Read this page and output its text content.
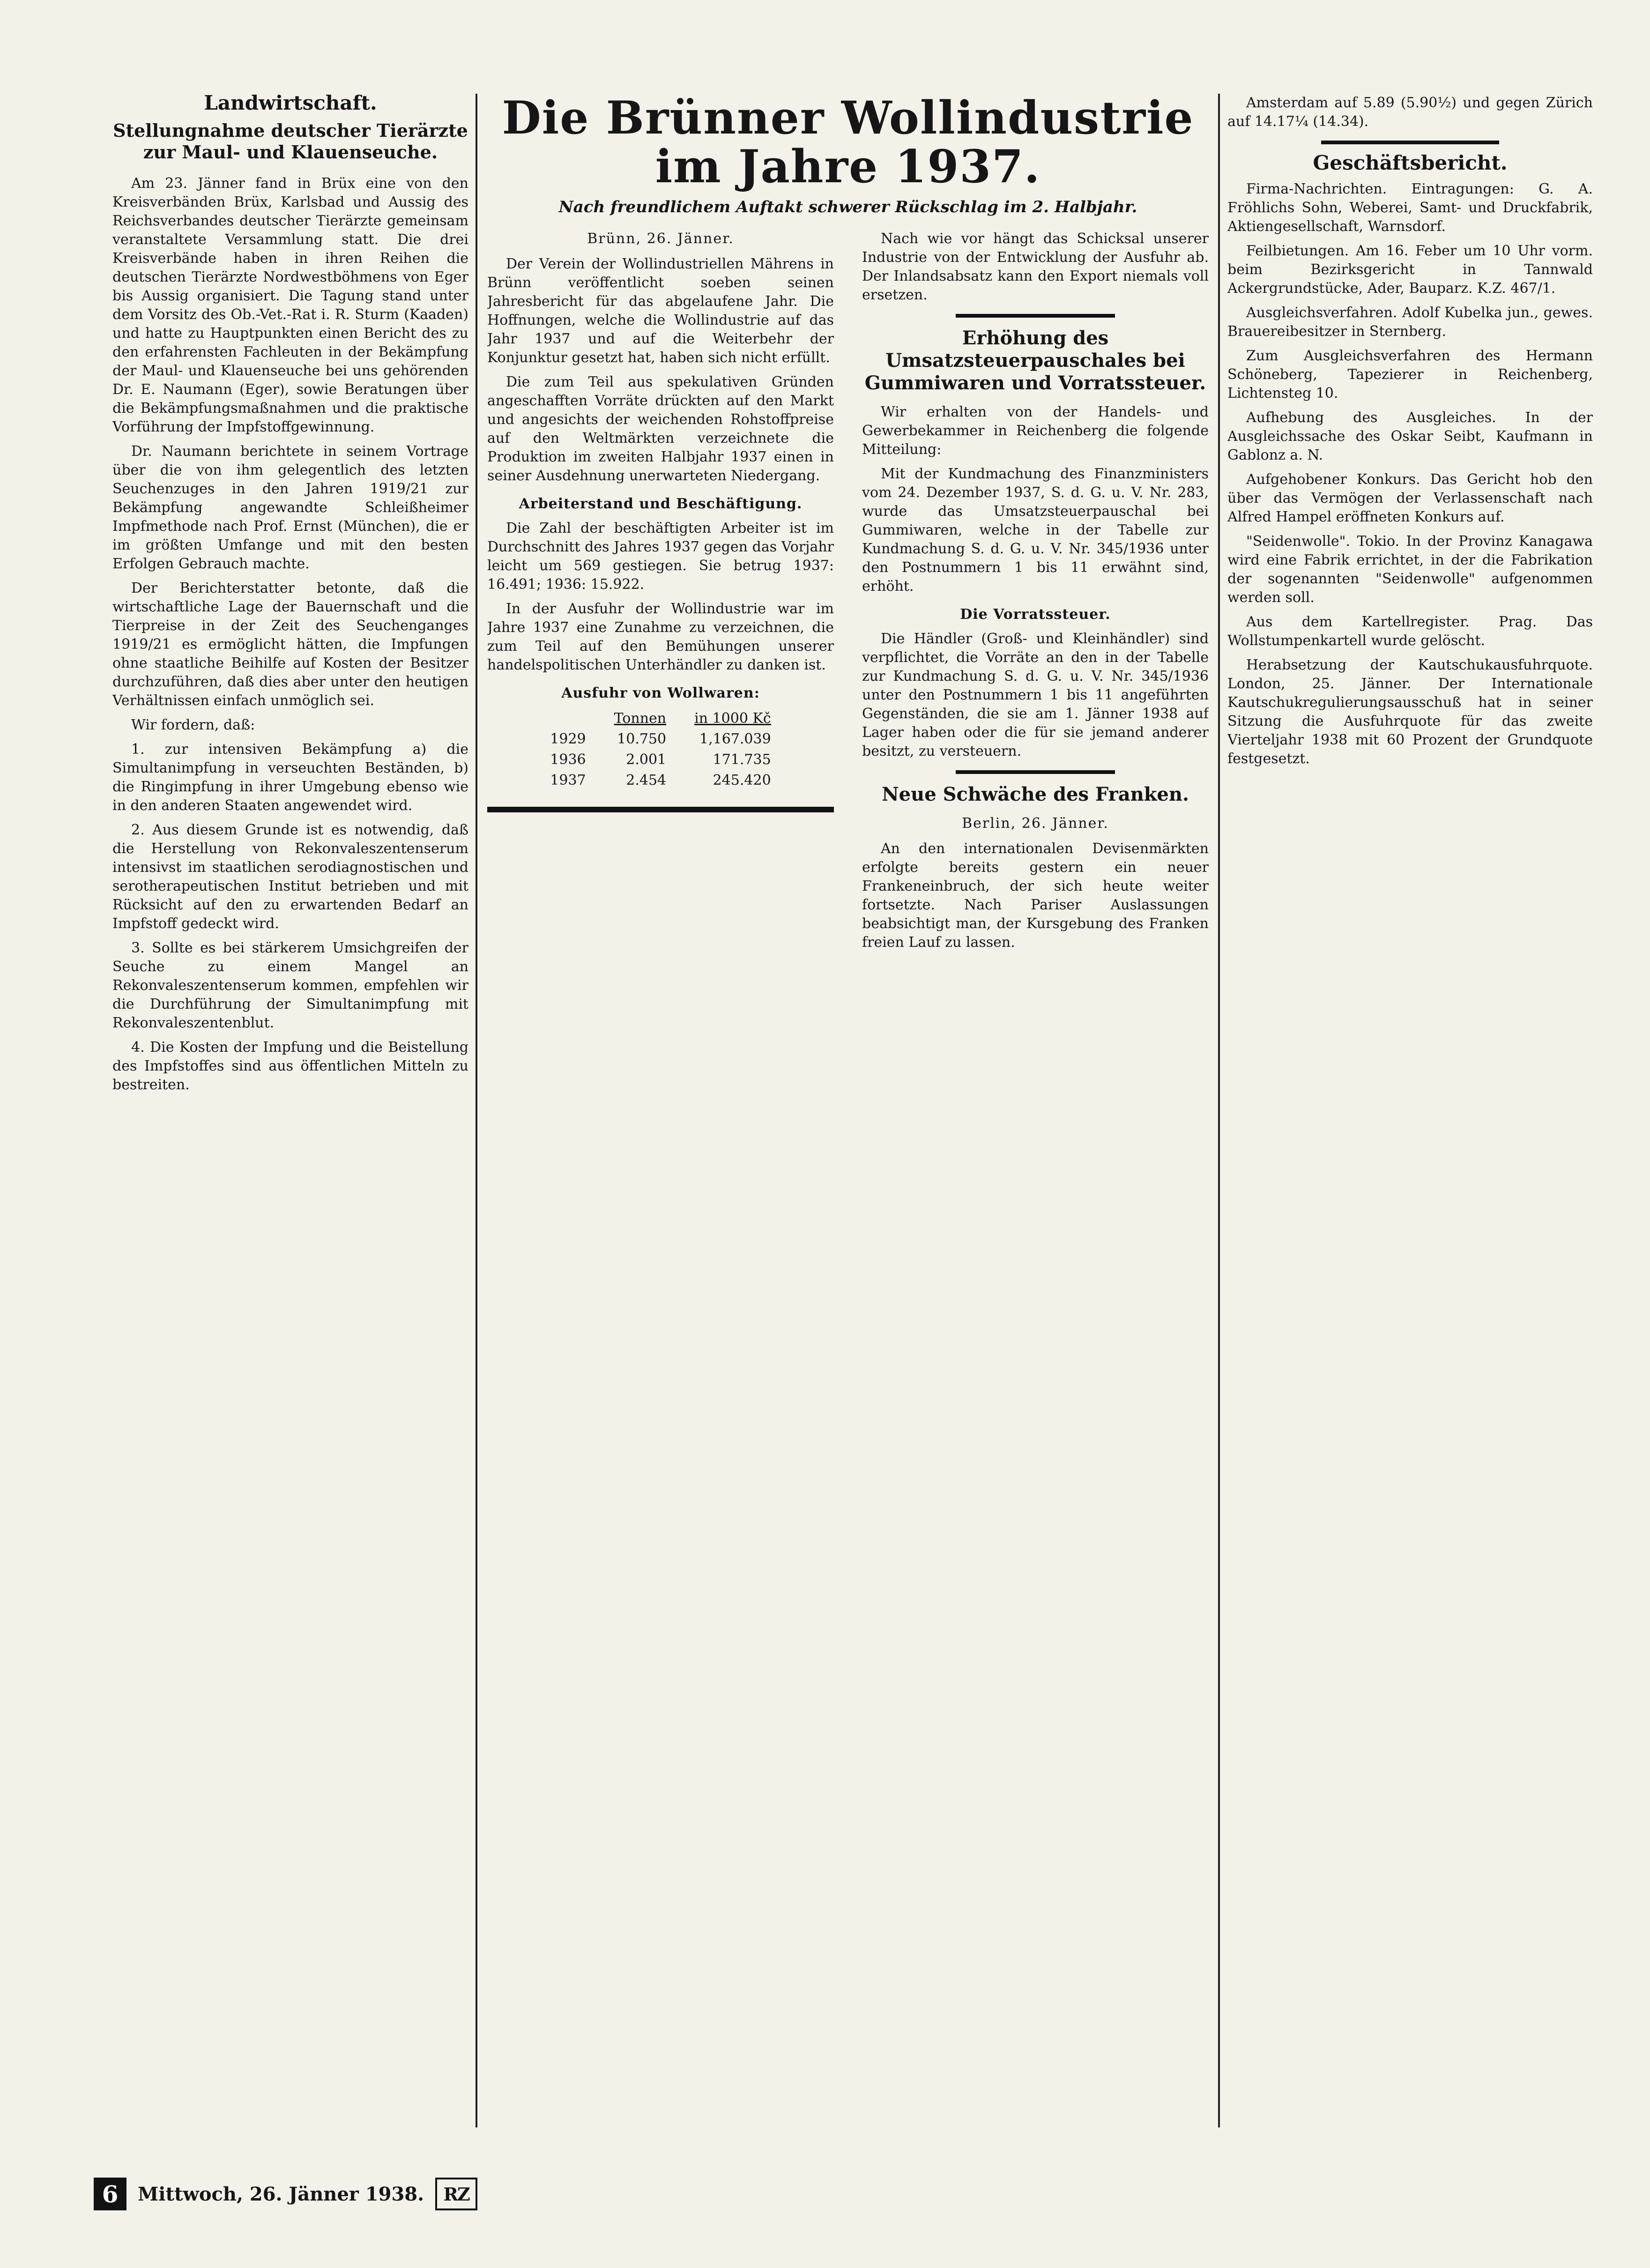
Landwirtschaft.
Stellungnahme deutscher Tierärzte zur Maul- und Klauenseuche.

Am 23. Jänner fand in Brüx eine von den Kreisverbänden Brüx, Karlsbad und Aussig des Reichsverbandes deutscher Tierärzte gemeinsam veranstaltete Versammlung statt. Die drei Kreisverbände haben in ihren Reihen die deutschen Tierärzte Nordwestböhmens von Eger bis Aussig organisiert. Die Tagung stand unter dem Vorsitz des Ob.-Vet.-Rat i. R. Sturm (Kaaden) und hatte zu Hauptpunkten einen Bericht des zu den erfahrensten Fachleuten in der Bekämpfung der Maul- und Klauenseuche bei uns gehörenden Dr. E. Naumann (Eger), sowie Beratungen über die Bekämpfungsmaßnahmen und die praktische Vorführung der Impfstoffgewinnung.

Dr. Naumann berichtete in seinem Vortrage über die von ihm gelegentlich des letzten Seuchenzuges in den Jahren 1919/21 zur Bekämpfung angewandte Schleißheimer Impfmethode nach Prof. Ernst (München), die er im größten Umfange und mit den besten Erfolgen Gebrauch machte.

Der Berichterstatter betonte, daß die wirtschaftliche Lage der Bauernschaft und die Tierpreise in der Zeit des Seuchenganges 1919/21 es ermöglicht hätten, die Impfungen ohne staatliche Beihilfe auf Kosten der Besitzer durchzuführen, daß dies aber unter den heutigen Verhältnissen einfach unmöglich sei.

Wir fordern, daß:

1. zur intensiven Bekämpfung a) die Simultanimpfung in verseuchten Beständen, b) die Ringimpfung in ihrer Umgebung ebenso wie in den anderen Staaten angewendet wird.

2. Aus diesem Grunde ist es notwendig, daß die Herstellung von Rekonvaleszentenserum intensivst im staatlichen serodiagnostischen und serotherapeutischen Institut betrieben und mit Rücksicht auf den zu erwartenden Bedarf an Impfstoff gedeckt wird.

3. Sollte es bei stärkerem Umsichgreifen der Seuche zu einem Mangel an Rekonvaleszentenserum kommen, empfehlen wir die Durchführung der Simultanimpfung mit Rekonvaleszentenblut.

4. Die Kosten der Impfung und die Beistellung des Impfstoffes sind aus öffentlichen Mitteln zu bestreiten.

Die Brünner Wollindustrie im Jahre 1937.
Nach freundlichem Auftakt schwerer Rückschlag im 2. Halbjahr.
Brünn, 26. Jänner.

Der Verein der Wollindustriellen Mährens in Brünn veröffentlicht soeben seinen Jahresbericht für das abgelaufene Jahr. Die Hoffnungen, welche die Wollindustrie auf das Jahr 1937 und auf die Weiterbehr der Konjunktur gesetzt hat, haben sich nicht erfüllt.

Die zum Teil aus spekulativen Gründen angeschafften Vorräte drückten auf den Markt und angesichts der weichenden Rohstoffpreise auf den Weltmärkten verzeichnete die Produktion im zweiten Halbjahr 1937 einen in seiner Ausdehnung unerwarteten Niedergang.

Arbeiterstand und Beschäftigung.

Die Zahl der beschäftigten Arbeiter ist im Durchschnitt des Jahres 1937 gegen das Vorjahr leicht um 569 gestiegen. Sie betrug 1937: 16.491; 1936: 15.922.

In der Ausfuhr der Wollindustrie war im Jahre 1937 eine Zunahme zu verzeichnen, die zum Teil auf den Bemühungen unserer handelspolitischen Unterhändler zu danken ist.

Ausfuhr von Wollwaren:
	Tonnen	in 1000 Kč
1929	10.750	1,167.039
1936	2.001	171.735
1937	2.454	245.420

Nach wie vor hängt das Schicksal unserer Industrie von der Entwicklung der Ausfuhr ab. Der Inlandsabsatz kann den Export niemals voll ersetzen.

Erhöhung des Umsatzsteuerpauschales bei Gummiwaren und Vorratssteuer.

Wir erhalten von der Handels- und Gewerbekammer in Reichenberg die folgende Mitteilung:

Mit der Kundmachung des Finanzministers vom 24. Dezember 1937, S. d. G. u. V. Nr. 283, wurde das Umsatzsteuerpauschal bei Gummiwaren, welche in der Tabelle zur Kundmachung S. d. G. u. V. Nr. 345/1936 unter den Postnummern 1 bis 11 erwähnt sind, erhöht.

Die Vorratssteuer.

Die Händler (Groß- und Kleinhändler) sind verpflichtet, die Vorräte an den in der Tabelle zur Kundmachung S. d. G. u. V. Nr. 345/1936 unter den Postnummern 1 bis 11 angeführten Gegenständen, die sie am 1. Jänner 1938 auf Lager haben oder die für sie jemand anderer besitzt, zu versteuern.

Neue Schwäche des Franken.
Berlin, 26. Jänner.

An den internationalen Devisenmärkten erfolgte bereits gestern ein neuer Frankeneinbruch, der sich heute weiter fortsetzte. Nach Pariser Auslassungen beabsichtigt man, der Kursgebung des Franken freien Lauf zu lassen.

Amsterdam auf 5.89 (5.90½) und gegen Zürich auf 14.17¼ (14.34).

Geschäftsbericht.

Firma-Nachrichten. Eintragungen: G. A. Fröhlichs Sohn, Weberei, Samt- und Druckfabrik, Aktiengesellschaft, Warnsdorf.

Feilbietungen. Am 16. Feber um 10 Uhr vorm. beim Bezirksgericht in Tannwald Ackergrundstücke, Ader, Bauparz. K.Z. 467/1.

Ausgleichsverfahren. Adolf Kubelka jun., gewes. Brauereibesitzer in Sternberg.

Zum Ausgleichsverfahren des Hermann Schöneberg, Tapezierer in Reichenberg, Lichtensteg 10.

Aufhebung des Ausgleiches. In der Ausgleichssache des Oskar Seibt, Kaufmann in Gablonz a. N.

Aufgehobener Konkurs. Das Gericht hob den über das Vermögen der Verlassenschaft nach Alfred Hampel eröffneten Konkurs auf.

"Seidenwolle". Tokio. In der Provinz Kanagawa wird eine Fabrik errichtet, in der die Fabrikation der sogenannten "Seidenwolle" aufgenommen werden soll.

Aus dem Kartellregister. Prag. Das Wollstumpenkartell wurde gelöscht.

Herabsetzung der Kautschukausfuhrquote. London, 25. Jänner. Der Internationale Kautschukregulierungsausschuß hat in seiner Sitzung die Ausfuhrquote für das zweite Vierteljahr 1938 mit 60 Prozent der Grundquote festgesetzt.

6	Mittwoch, 26. Jänner 1938.	RZ
